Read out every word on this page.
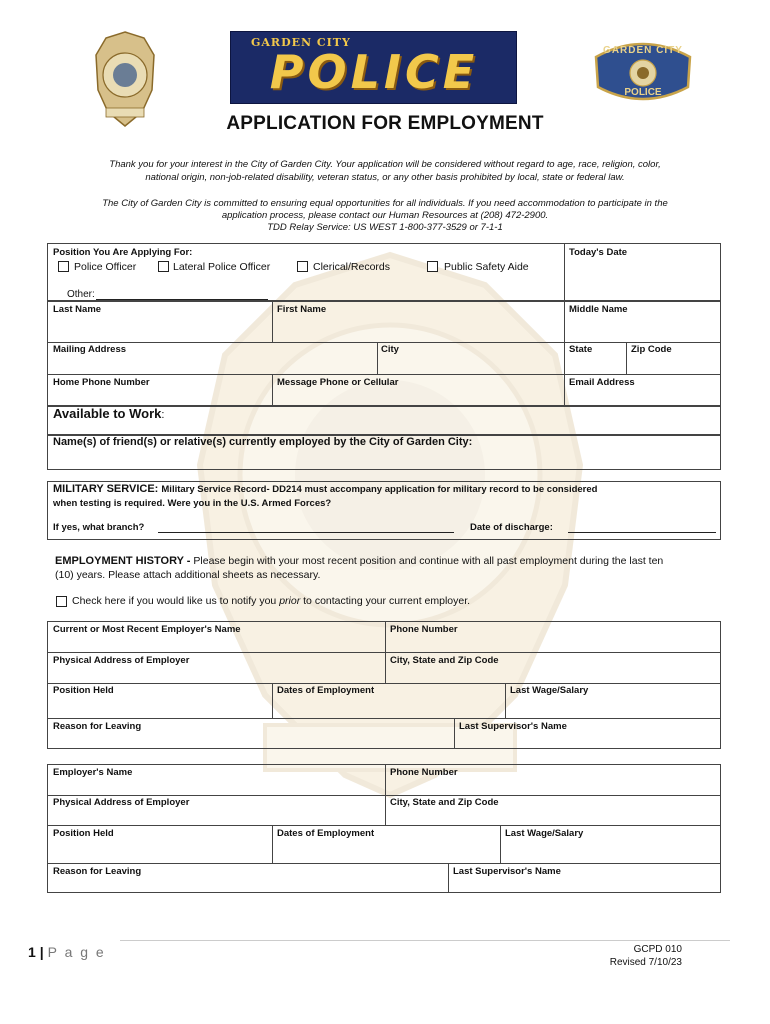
GARDEN CITY
POLICE	GARDEN CITY
POLICE
APPLICATION FOR EMPLOYMENT
Thank you for your interest in the City of Garden City. Your application will be considered without regard to age, race, religion, color,
national origin, non-job-related disability, veteran status, or any other basis prohibited by local, state or federal law.
The City of Garden City is committed to ensuring equal opportunities for all individuals. If you need accommodation to participate in the
application process, please contact our Human Resources at (208) 472-2900.
TDD Relay Service: US WEST 1-800-377-3529 or 7-1-1
Position You Are Applying For:	Today's Date
Police Officer	Lateral Police Officer	Clerical/Records	Public Safety Aide
Other:
Last Name	First Name	Middle Name
Mailing Address	City	State	Zip Code
Home Phone Number	Message Phone or Cellular	Email Address
Available to Work:
Name(s) of friend(s) or relative(s) currently employed by the City of Garden City:
MILITARY SERVICE: Military Service Record- DD214 must accompany application for military record to be considered
when testing is required. Were you in the U.S. Armed Forces?
If yes, what branch?	Date of discharge:
EMPLOYMENT HISTORY - Please begin with your most recent position and continue with all past employment during the last ten
(10) years. Please attach additional sheets as necessary.
Check here if you would like us to notify you prior to contacting your current employer.
Current or Most Recent Employer's Name	Phone Number
Physical Address of Employer	City, State and Zip Code
Position Held	Dates of Employment	Last Wage/Salary
Reason for Leaving	Last Supervisor's Name
Employer's Name	Phone Number
Physical Address of Employer	City, State and Zip Code
Position Held	Dates of Employment	Last Wage/Salary
Reason for Leaving	Last Supervisor's Name
1 | P a g e	GCPD 010
Revised 7/10/23
